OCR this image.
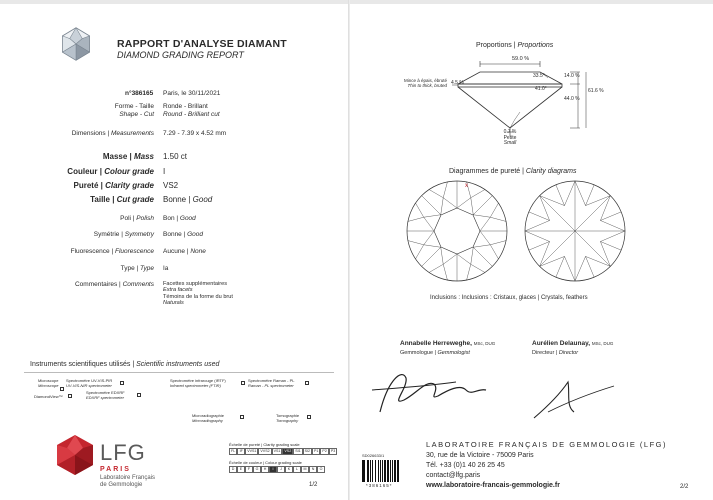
RAPPORT D'ANALYSE DIAMANT
DIAMOND GRADING REPORT
n°386165 Paris, le 30/11/2021
Forme - Taille
Shape - Cut
Ronde - Brillant
Round - Brilliant cut
Dimensions | Measurements 7.29 - 7.39 x 4.52 mm
Masse | Mass 1.50 ct
Couleur | Colour grade I
Pureté | Clarity grade VS2
Taille | Cut grade Bonne | Good
Poli | Polish Bon | Good
Symétrie | Symmetry Bonne | Good
Fluorescence | Fluorescence Aucune | None
Type | Type Ia
Commentaires | Comments Facettes supplémentaires
Extra facets
Témoins de la forme du brut
Naturals
Instruments scientifiques utilisés | Scientific instruments used
Microscope
Microscope
Spectromètre UV-VIS-PIR
UV-VIS-NIR spectrometer
Spectromètre infrarouge (IRTF)
Infrared spectrometer (FTIR)
Spectromètre Raman - PL
Raman - PL spectrometer
DiamondView™
Spectromètre EDXRF
EDXRF spectrometer
Microradiographie
Microradiography
Tomographie
Tomography
LFG
PARIS
Laboratoire Français
de Gemmologie
Échelle de pureté | Clarity grading scale
FL	IF	VVS1	VVS2	VS1	VS2	SI1	SI2	P1	P2	P3
Échelle de couleur | Colour grading scale
D	E	F	G	H	I	J	K	L	M	N	O
1/2
Proportions | Proportions
59.0 %
33.5°
41.0°
14.0 %
44.0 %
61.6 %
4.5 %
Mince à épais, ébruté
Thin to thick, bruted
0.7 %
Petite
Small
Diagrammes de pureté | Clarity diagrams
x
Inclusions : Inclusions : Cristaux, glaces | Crystals, feathers
Annabelle Herreweghe, MSc, DUG
Gemmologue | Gemmologist
Aurélien Delaunay, MSc, DUG
Directeur | Director
LABORATOIRE FRANÇAIS DE GEMMOLOGIE (LFG)
30, rue de la Victoire - 75009 Paris
Tél. +33 (0)1 40 26 25 45
contact@lfg.paris
www.laboratoire-francais-gemmologie.fr
SD026633/1
*386165*	2/2
